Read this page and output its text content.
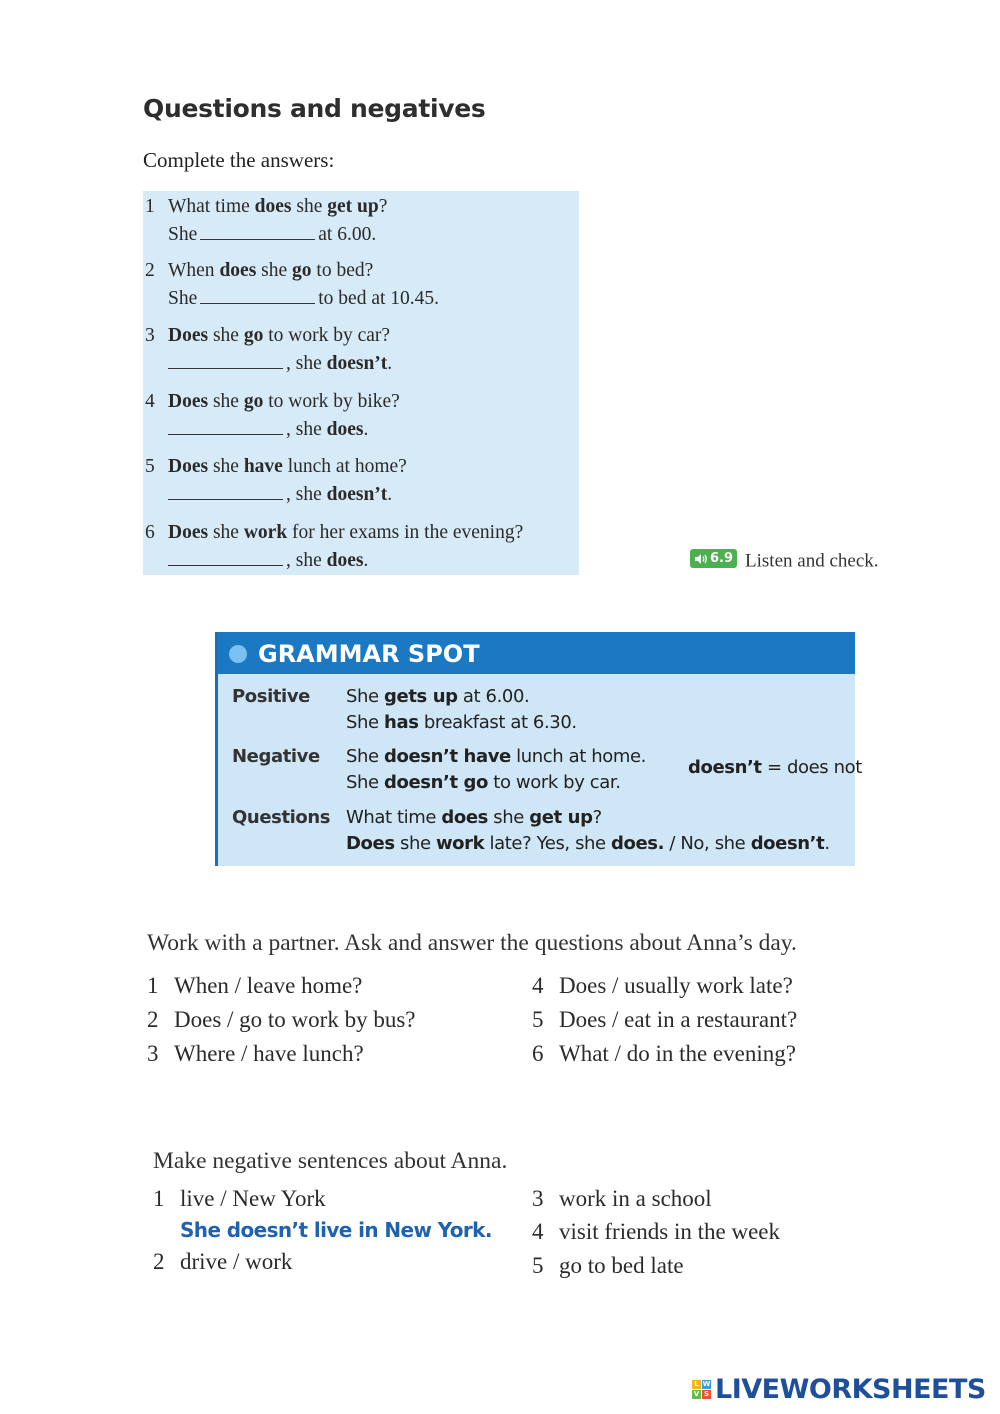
Questions and negatives
Complete the answers:
1 What time does she get up?
She	at 6.00.
2 When does she go to bed?
She	to bed at 10.45.
3 Does she go to work by car?
, she doesn’t.
4 Does she go to work by bike?
, she does.
5 Does she have lunch at home?
, she doesn’t.
6 Does she work for her exams in the evening?
, she does.	6.9 Listen and check.
GRAMMAR SPOT
Positive	She gets up at 6.00.
She has breakfast at 6.30.
Negative	She doesn’t have lunch at home.
She doesn’t go to work by car.
doesn’t = does not
Questions What time does she get up?
Does she work late? Yes, she does. / No, she doesn’t.
Work with a partner. Ask and answer the questions about Anna’s day.
1 When / leave home?
2 Does / go to work by bus?
3 Where / have lunch?
4 Does / usually work late?
5 Does / eat in a restaurant?
6 What / do in the evening?
Make negative sentences about Anna.
1 live / New York
She doesn’t live in New York.
2 drive / work
3 work in a school
4 visit friends in the week
5 go to bed late
L W
V S LIVEWORKSHEETS
